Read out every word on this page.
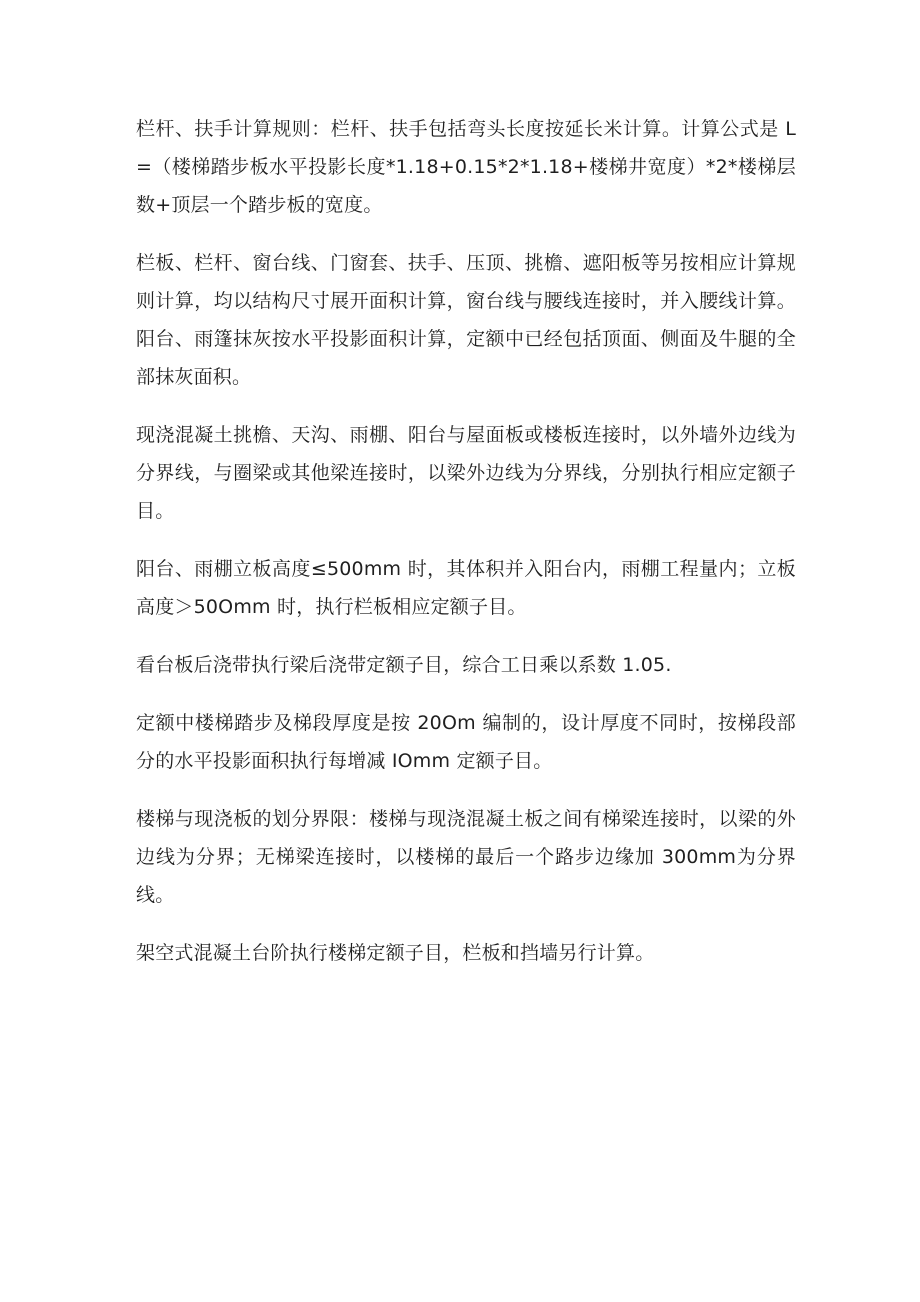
栏杆、扶手计算规则：栏杆、扶手包括弯头长度按延长米计算。计算公式是 L=（楼梯踏步板水平投影长度*1.18+0.15*2*1.18+楼梯井宽度）*2*楼梯层数+顶层一个踏步板的宽度。

栏板、栏杆、窗台线、门窗套、扶手、压顶、挑檐、遮阳板等另按相应计算规则计算，均以结构尺寸展开面积计算，窗台线与腰线连接时，并入腰线计算。阳台、雨篷抹灰按水平投影面积计算，定额中已经包括顶面、侧面及牛腿的全部抹灰面积。

现浇混凝土挑檐、天沟、雨棚、阳台与屋面板或楼板连接时，以外墙外边线为分界线，与圈梁或其他梁连接时，以梁外边线为分界线，分别执行相应定额子目。

阳台、雨棚立板高度≤500mm 时，其体积并入阳台内，雨棚工程量内；立板高度＞50Omm 时，执行栏板相应定额子目。

看台板后浇带执行梁后浇带定额子目，综合工日乘以系数 1.05.

定额中楼梯踏步及梯段厚度是按 20Om 编制的，设计厚度不同时，按梯段部分的水平投影面积执行每增减 IOmm 定额子目。

楼梯与现浇板的划分界限：楼梯与现浇混凝土板之间有梯梁连接时，以梁的外边线为分界；无梯梁连接时，以楼梯的最后一个路步边缘加 300mm为分界线。

架空式混凝土台阶执行楼梯定额子目，栏板和挡墙另行计算。
